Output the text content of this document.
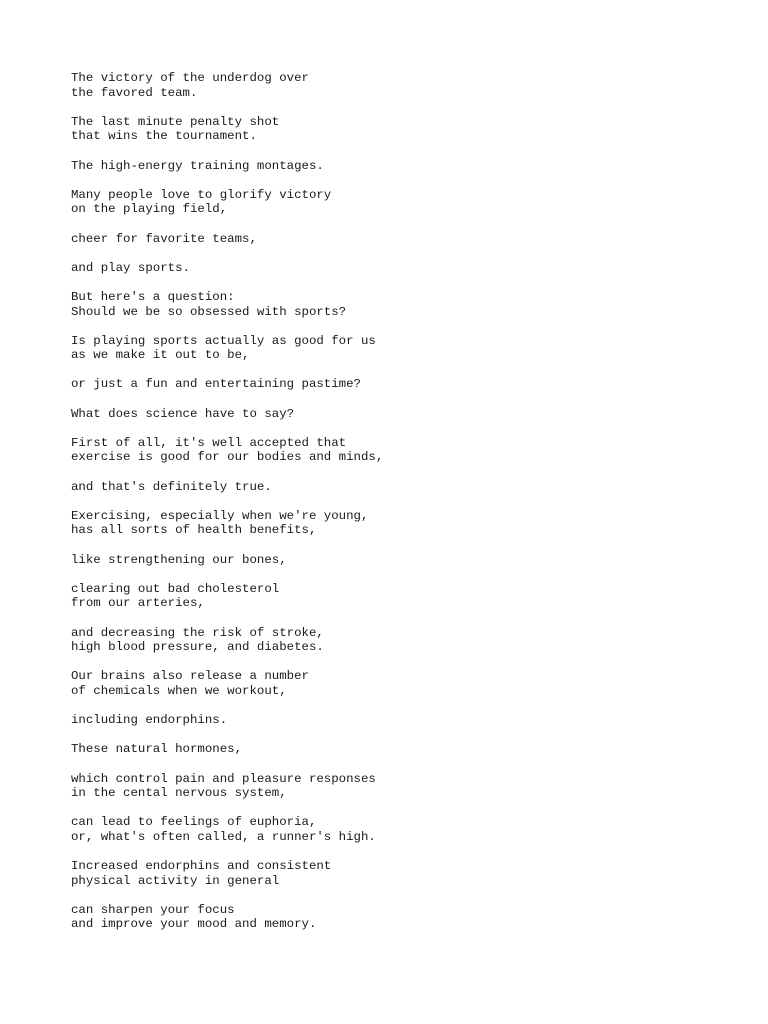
The victory of the underdog over
the favored team.
The last minute penalty shot
that wins the tournament.
The high-energy training montages.
Many people love to glorify victory
on the playing field,
cheer for favorite teams,
and play sports.
But here's a question:
Should we be so obsessed with sports?
Is playing sports actually as good for us
as we make it out to be,
or just a fun and entertaining pastime?
What does science have to say?
First of all, it's well accepted that
exercise is good for our bodies and minds,
and that's definitely true.
Exercising, especially when we're young,
has all sorts of health benefits,
like strengthening our bones,
clearing out bad cholesterol
from our arteries,
and decreasing the risk of stroke,
high blood pressure, and diabetes.
Our brains also release a number
of chemicals when we workout,
including endorphins.
These natural hormones,
which control pain and pleasure responses
in the cental nervous system,
can lead to feelings of euphoria,
or, what's often called, a runner's high.
Increased endorphins and consistent
physical activity in general
can sharpen your focus
and improve your mood and memory.
